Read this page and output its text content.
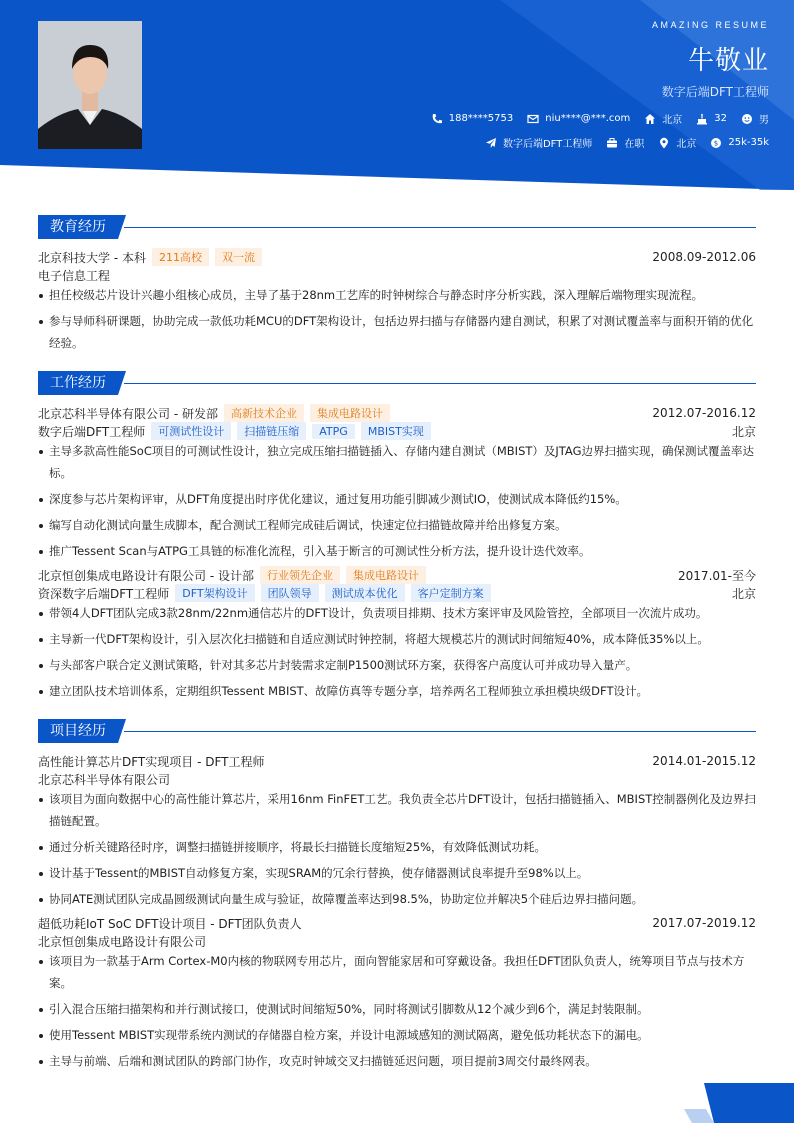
AMAZING RESUME
牛敬业
数字后端DFT工程师
188****5753	niu****@***.com	北京	32	男
数字后端DFT工程师	在职	北京	$ 25k-35k
教育经历
北京科技大学 - 本科	211高校	双一流	2008.09-2012.06
电子信息工程
担任校级芯片设计兴趣小组核心成员，主导了基于28nm工艺库的时钟树综合与静态时序分析实践，深入理解后端物理实现流程。
参与导师科研课题，协助完成一款低功耗MCU的DFT架构设计，包括边界扫描与存储器内建自测试，积累了对测试覆盖率与面积开销的优化经验。
工作经历
北京芯科半导体有限公司 - 研发部	高新技术企业	集成电路设计	2012.07-2016.12
数字后端DFT工程师	可测试性设计	扫描链压缩	ATPG	MBIST实现	北京
主导多款高性能SoC项目的可测试性设计，独立完成压缩扫描链插入、存储内建自测试（MBIST）及JTAG边界扫描实现，确保测试覆盖率达标。
深度参与芯片架构评审，从DFT角度提出时序优化建议，通过复用功能引脚减少测试IO，使测试成本降低约15%。
编写自动化测试向量生成脚本，配合测试工程师完成硅后调试，快速定位扫描链故障并给出修复方案。
推广Tessent Scan与ATPG工具链的标准化流程，引入基于断言的可测试性分析方法，提升设计迭代效率。
北京恒创集成电路设计有限公司 - 设计部	行业领先企业	集成电路设计	2017.01-至今
资深数字后端DFT工程师	DFT架构设计	团队领导	测试成本优化	客户定制方案	北京
带领4人DFT团队完成3款28nm/22nm通信芯片的DFT设计，负责项目排期、技术方案评审及风险管控，全部项目一次流片成功。
主导新一代DFT架构设计，引入层次化扫描链和自适应测试时钟控制，将超大规模芯片的测试时间缩短40%，成本降低35%以上。
与头部客户联合定义测试策略，针对其多芯片封装需求定制P1500测试环方案，获得客户高度认可并成功导入量产。
建立团队技术培训体系，定期组织Tessent MBIST、故障仿真等专题分享，培养两名工程师独立承担模块级DFT设计。
项目经历
高性能计算芯片DFT实现项目 - DFT工程师	2014.01-2015.12
北京芯科半导体有限公司
该项目为面向数据中心的高性能计算芯片，采用16nm FinFET工艺。我负责全芯片DFT设计，包括扫描链插入、MBIST控制器例化及边界扫描链配置。
通过分析关键路径时序，调整扫描链拼接顺序，将最长扫描链长度缩短25%，有效降低测试功耗。
设计基于Tessent的MBIST自动修复方案，实现SRAM的冗余行替换，使存储器测试良率提升至98%以上。
协同ATE测试团队完成晶圆级测试向量生成与验证，故障覆盖率达到98.5%，协助定位并解决5个硅后边界扫描问题。
超低功耗IoT SoC DFT设计项目 - DFT团队负责人	2017.07-2019.12
北京恒创集成电路设计有限公司
该项目为一款基于Arm Cortex-M0内核的物联网专用芯片，面向智能家居和可穿戴设备。我担任DFT团队负责人，统筹项目节点与技术方案。
引入混合压缩扫描架构和并行测试接口，使测试时间缩短50%，同时将测试引脚数从12个减少到6个，满足封装限制。
使用Tessent MBIST实现带系统内测试的存储器自检方案，并设计电源域感知的测试隔离，避免低功耗状态下的漏电。
主导与前端、后端和测试团队的跨部门协作，攻克时钟域交叉扫描链延迟问题，项目提前3周交付最终网表。
